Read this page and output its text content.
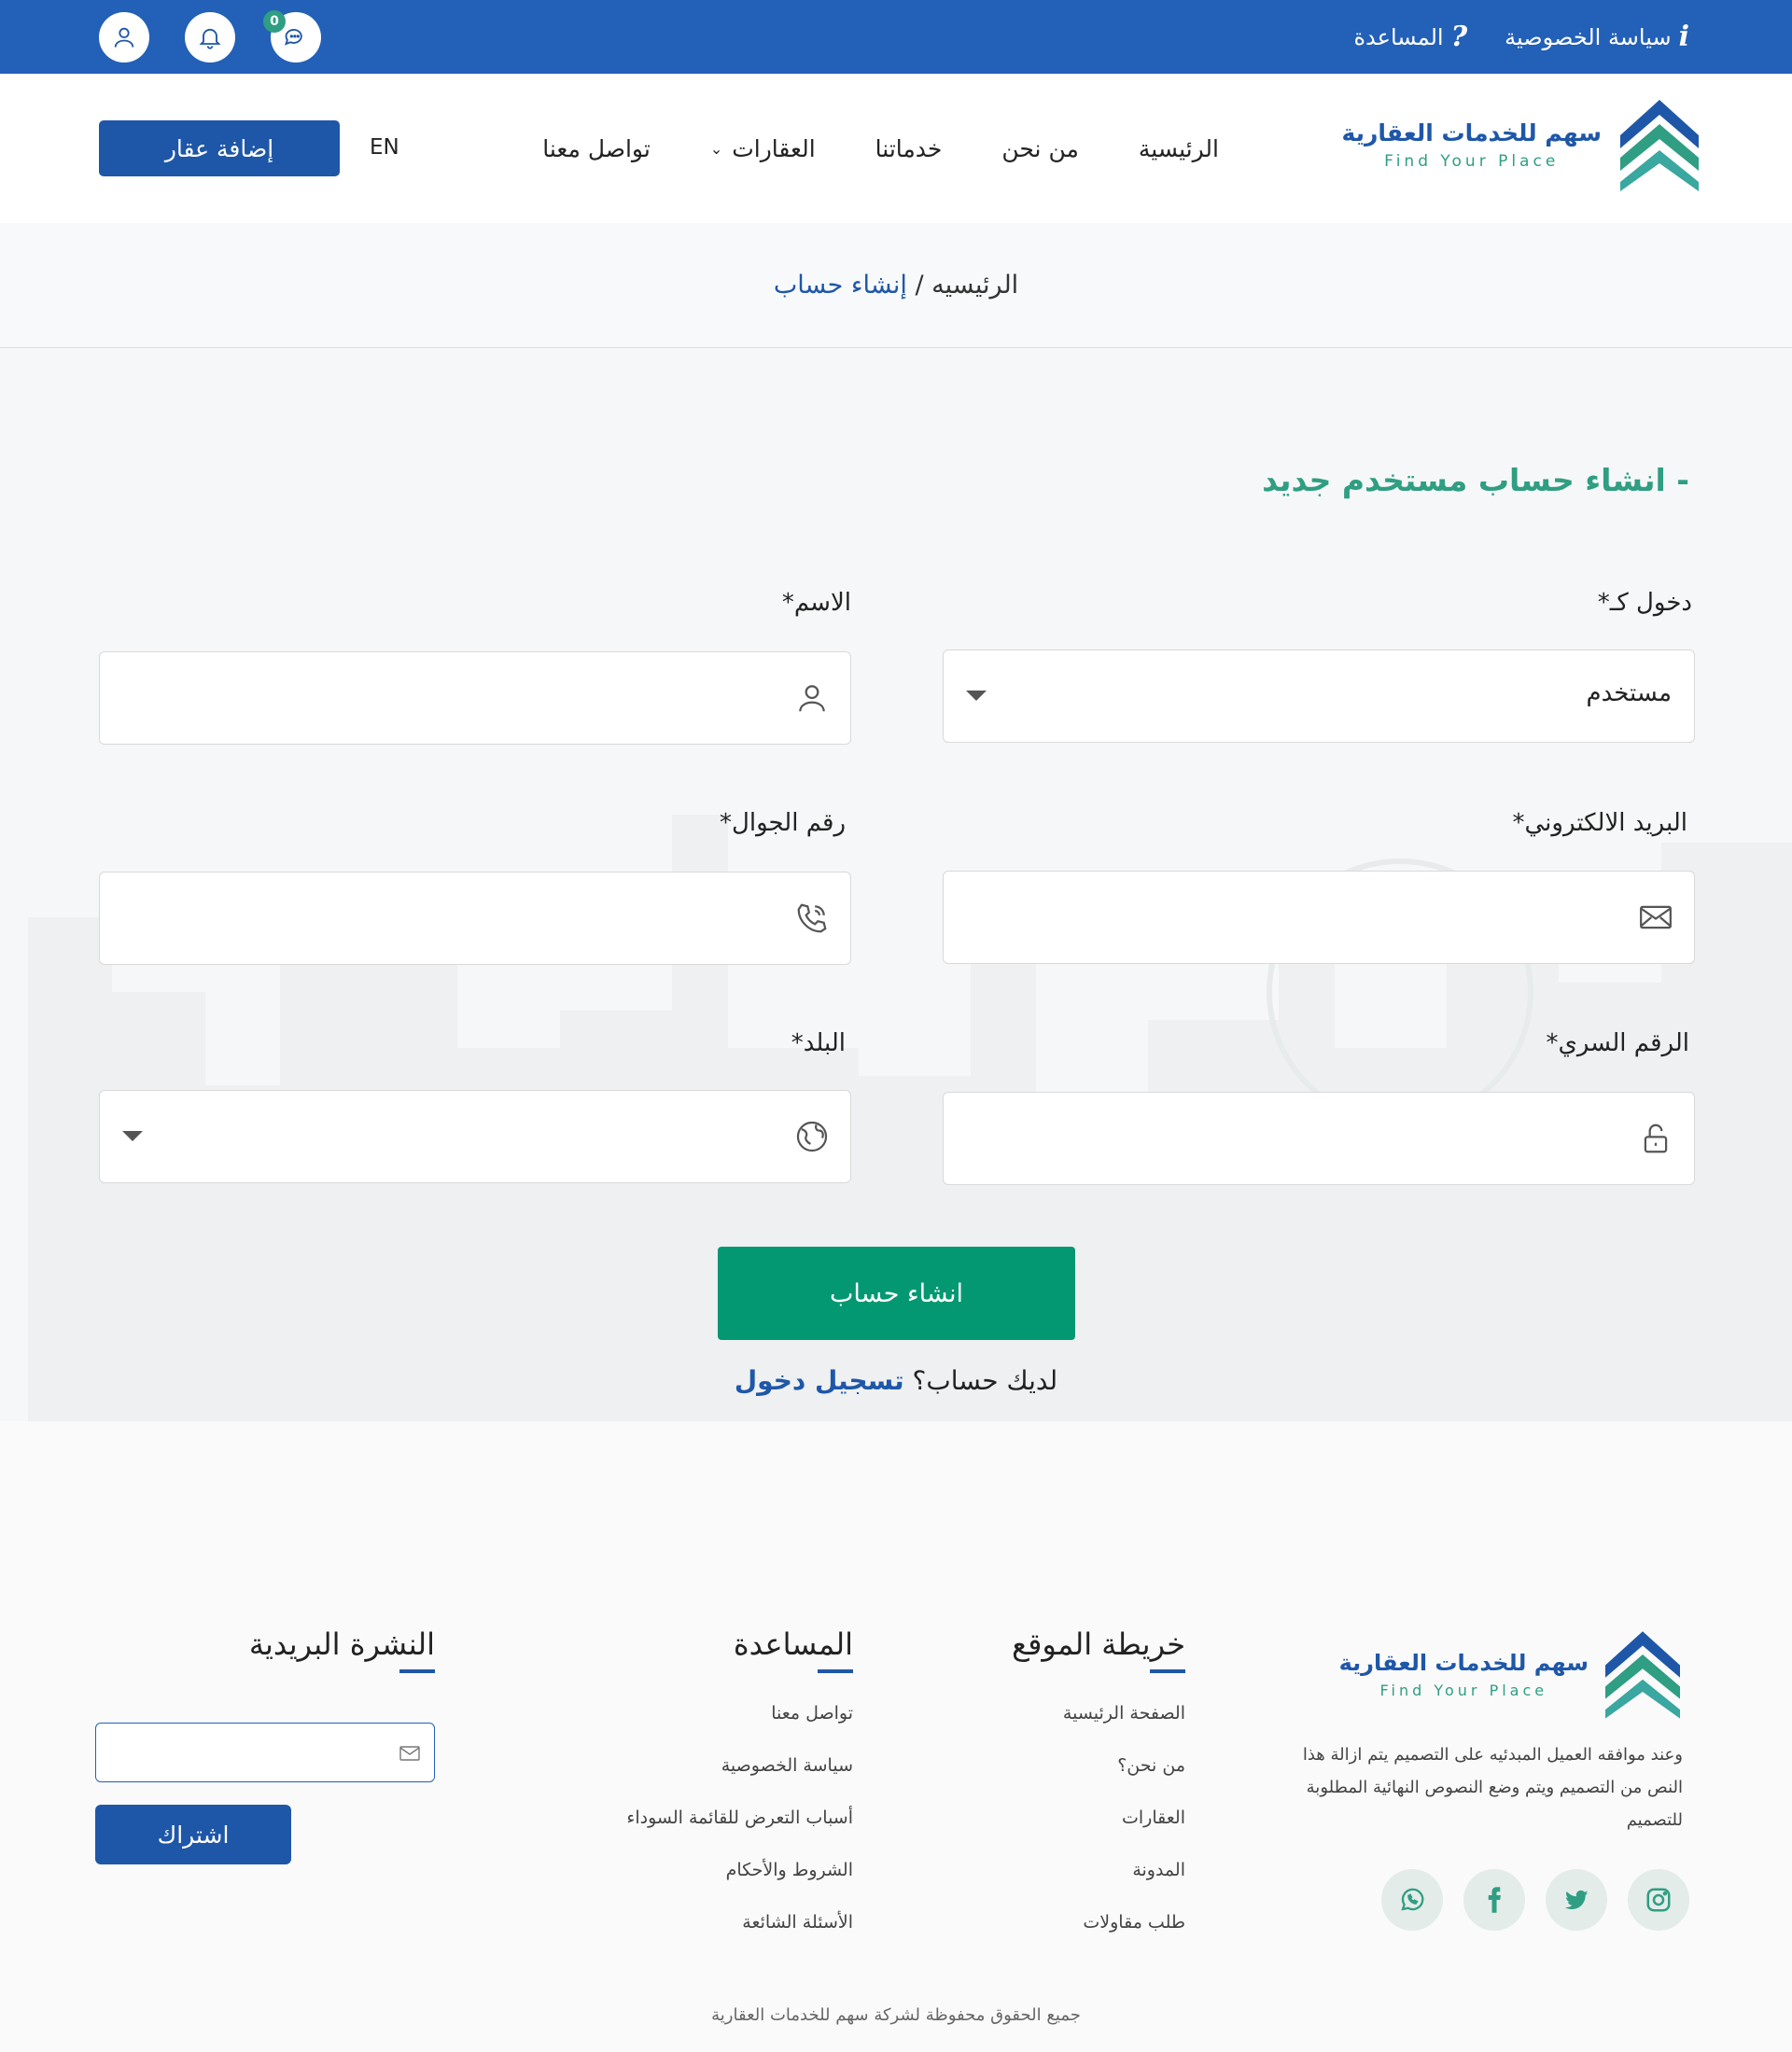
i
سياسة الخصوصية
?
المساعدة
0
سهم للخدمات العقارية
Find Your Place
الرئيسية
من نحن
خدماتنا
العقارات
⌄
تواصل معنا
EN
إضافة عقار
الرئيسيه / إنشاء حساب
- انشاء حساب مستخدم جديد
دخول كـ*
مستخدم
الاسم*
البريد الالكتروني*
رقم الجوال*
الرقم السري*
البلد*
انشاء حساب
لديك حساب؟ تسجيل دخول
سهم للخدمات العقارية
Find Your Place
وعند موافقه العميل المبدئيه على التصميم يتم ازالة هذا النص من التصميم ويتم وضع النصوص النهائية المطلوبة للتصميم
خريطة الموقع
الصفحة الرئيسية
من نحن؟
العقارات
المدونة
طلب مقاولات
المساعدة
تواصل معنا
سياسة الخصوصية
أسباب التعرض للقائمة السوداء
الشروط والأحكام
الأسئلة الشائعة
النشرة البريدية
اشتراك
جميع الحقوق محفوظة لشركة سهم للخدمات العقارية
